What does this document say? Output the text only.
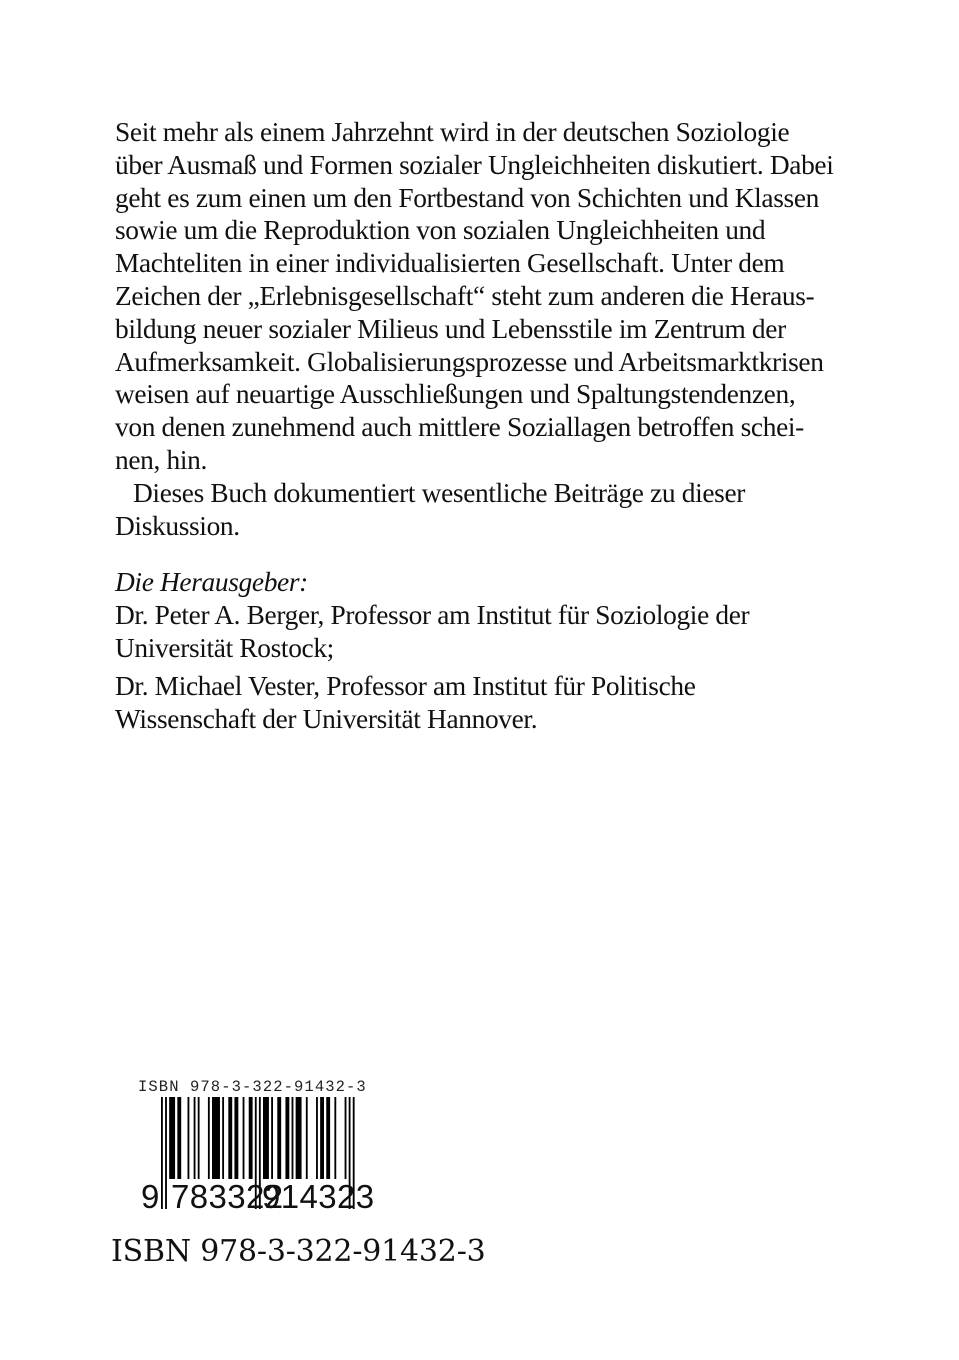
Seit mehr als einem Jahrzehnt wird in der deutschen Soziologie
über Ausmaß und Formen sozialer Ungleichheiten diskutiert. Dabei
geht es zum einen um den Fortbestand von Schichten und Klassen
sowie um die Reproduktion von sozialen Ungleichheiten und
Machteliten in einer individualisierten Gesellschaft. Unter dem
Zeichen der „Erlebnisgesellschaft“ steht zum anderen die Heraus-
bildung neuer sozialer Milieus und Lebensstile im Zentrum der
Aufmerksamkeit. Globalisierungsprozesse und Arbeitsmarktkrisen
weisen auf neuartige Ausschließungen und Spaltungstendenzen,
von denen zunehmend auch mittlere Soziallagen betroffen schei-
nen, hin.
Dieses Buch dokumentiert wesentliche Beiträge zu dieser
Diskussion.
Die Herausgeber:
Dr. Peter A. Berger, Professor am Institut für Soziologie der
Universität Rostock;
Dr. Michael Vester, Professor am Institut für Politische
Wissenschaft der Universität Hannover.
ISBN 978-3-322-91432-3
9 783322
914323
ISBN 978-3-322-91432-3
